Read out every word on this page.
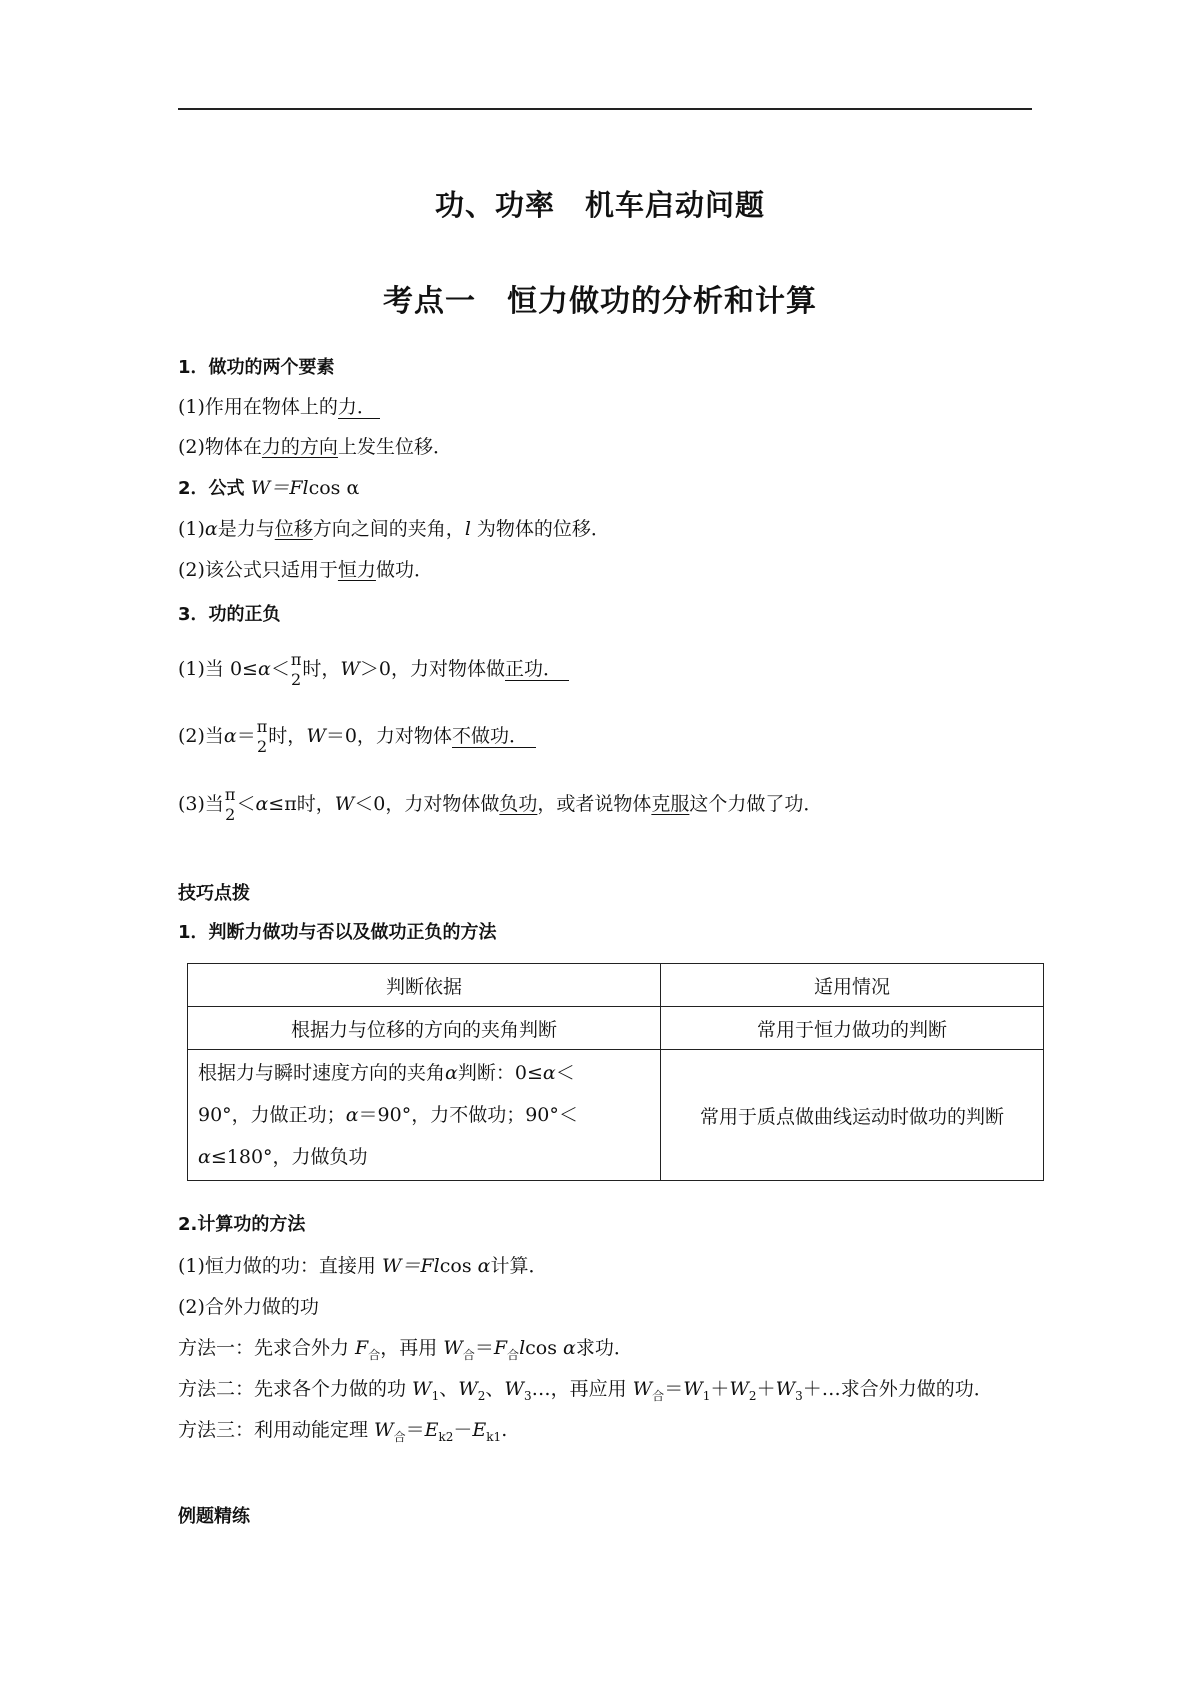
功、功率　机车启动问题
考点一　恒力做功的分析和计算
1．做功的两个要素
(1)作用在物体上的力．
(2)物体在力的方向上发生位移．
2．公式 W＝Flcos α
(1)α是力与位移方向之间的夹角，l 为物体的位移．
(2)该公式只适用于恒力做功．
3．功的正负
(1)当 0≤α＜ π
2 时，W＞0，力对物体做正功．
(2)当α＝ π
2 时，W＝0，力对物体不做功．
(3)当 π
2 ＜α≤π时，W＜0，力对物体做负功，或者说物体克服这个力做了功．
技巧点拨
1．判断力做功与否以及做功正负的方法
判断依据	适用情况
根据力与位移的方向的夹角判断	常用于恒力做功的判断
根据力与瞬时速度方向的夹角α判断：0≤α＜
90°，力做正功；α＝90°，力不做功；90°＜
α≤180°，力做负功	常用于质点做曲线运动时做功的判断
2.计算功的方法
(1)恒力做的功：直接用 W＝Flcos α计算．
(2)合外力做的功
方法一：先求合外力 $F_合$，再用 $W_合=F_合lcos$ α求功．
方法二：先求各个力做的功 $W_1$、$W_2$、$W_3\dots$，再应用 $W_合=W_1+W_2+W_3+\dots$求合外力做的功．
方法三：利用动能定理 $W_合=E_{k2}-E_{k1}$.
例题精练
